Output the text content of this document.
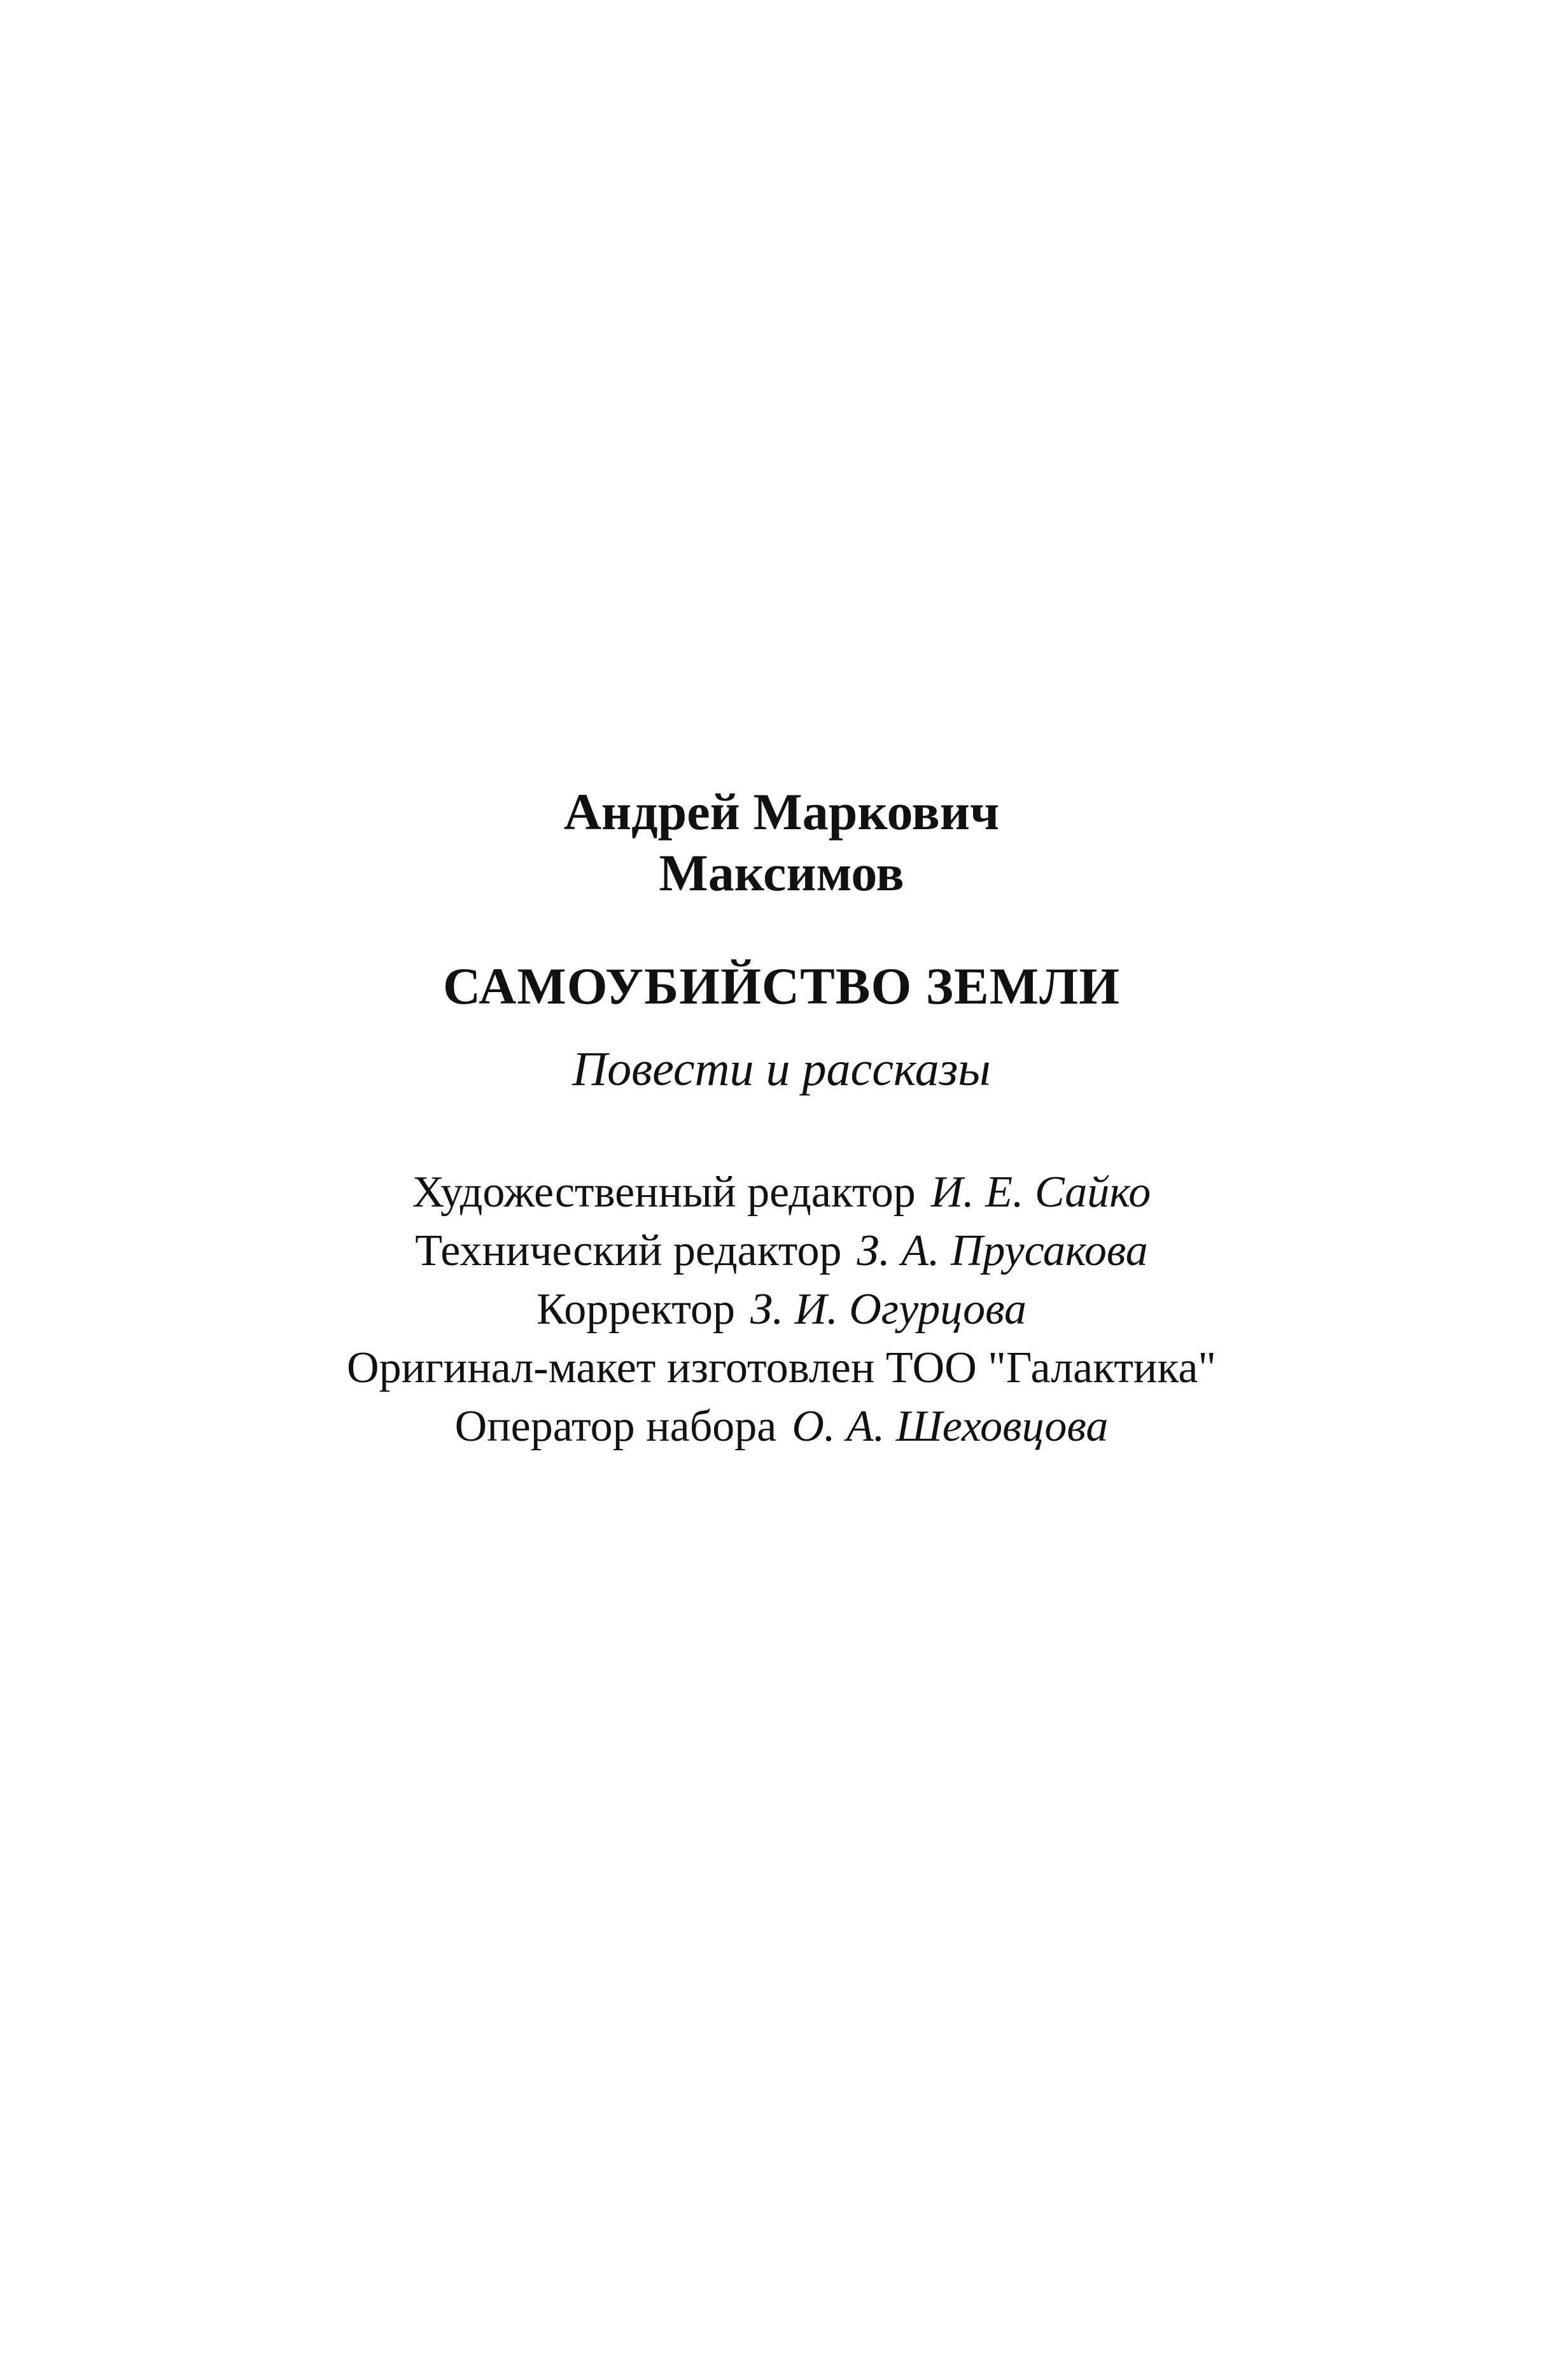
Андрей Маркович
Максимов
САМОУБИЙСТВО ЗЕМЛИ
Повести и рассказы
Художественный редактор И. Е. Сайко
Технический редактор З. А. Прусакова
Корректор З. И. Огурцова
Оригинал-макет изготовлен ТОО "Галактика"
Оператор набора О. А. Шеховцова
